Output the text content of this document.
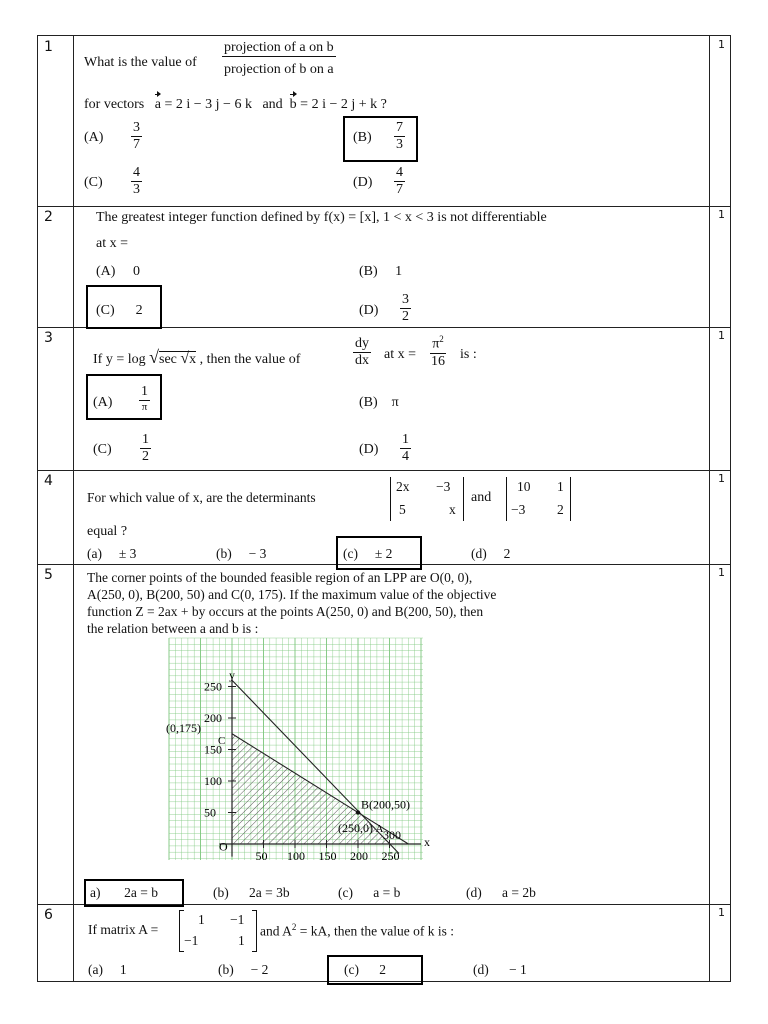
1	1
What is the value of
projection of a on b
projection of b on a
for vectors a = 2 i − 3 j − 6 k and b = 2 i − 2 j + k ?
$(A) \frac{3}{7}$	$(B) \frac{7}{3}$
$(C) \frac{4}{3}$	$(D) \frac{4}{7}$
2	1
The greatest integer function defined by f(x) = [x], 1 < x < 3 is not differentiable
at x =
(A) 0	(B) 1
(C) 2	$(D) \frac{3}{2}$
3	1
If y = log √sec √x , then the value of	$\frac{dy}{dx}$ at $x = \frac{\pi^2}{16}$ is :
(A)
1
π	(B) π
$(C) \frac{1}{2}$	$(D) \frac{1}{4}$
4	1
For which value of x, are the determinants
2x −3
5	x
and
10 1
−3 2
equal ?
(a) ± 3	(b) − 3	(c) ± 2	(d) 2
5	1
The corner points of the bounded feasible region of an LPP are O(0, 0),
A(250, 0), B(200, 50) and C(0, 175). If the maximum value of the objective
function Z = 2ax + by occurs at the points A(250, 0) and B(200, 50), then
the relation between a and b is :
y
x
O
250
200
150
100
50
50 100 150 200 250
300
(0,175)
C
B(200,50)
(250,0) A
a) 2a = b	(b) 2a = 3b	(c) a = b	(d) a = 2b
6	1
If matrix A =
1 −1
−1	1
and $A^2$ = kA, then the value of k is :
(a) 1	(b) − 2	(c) 2	(d) − 1
